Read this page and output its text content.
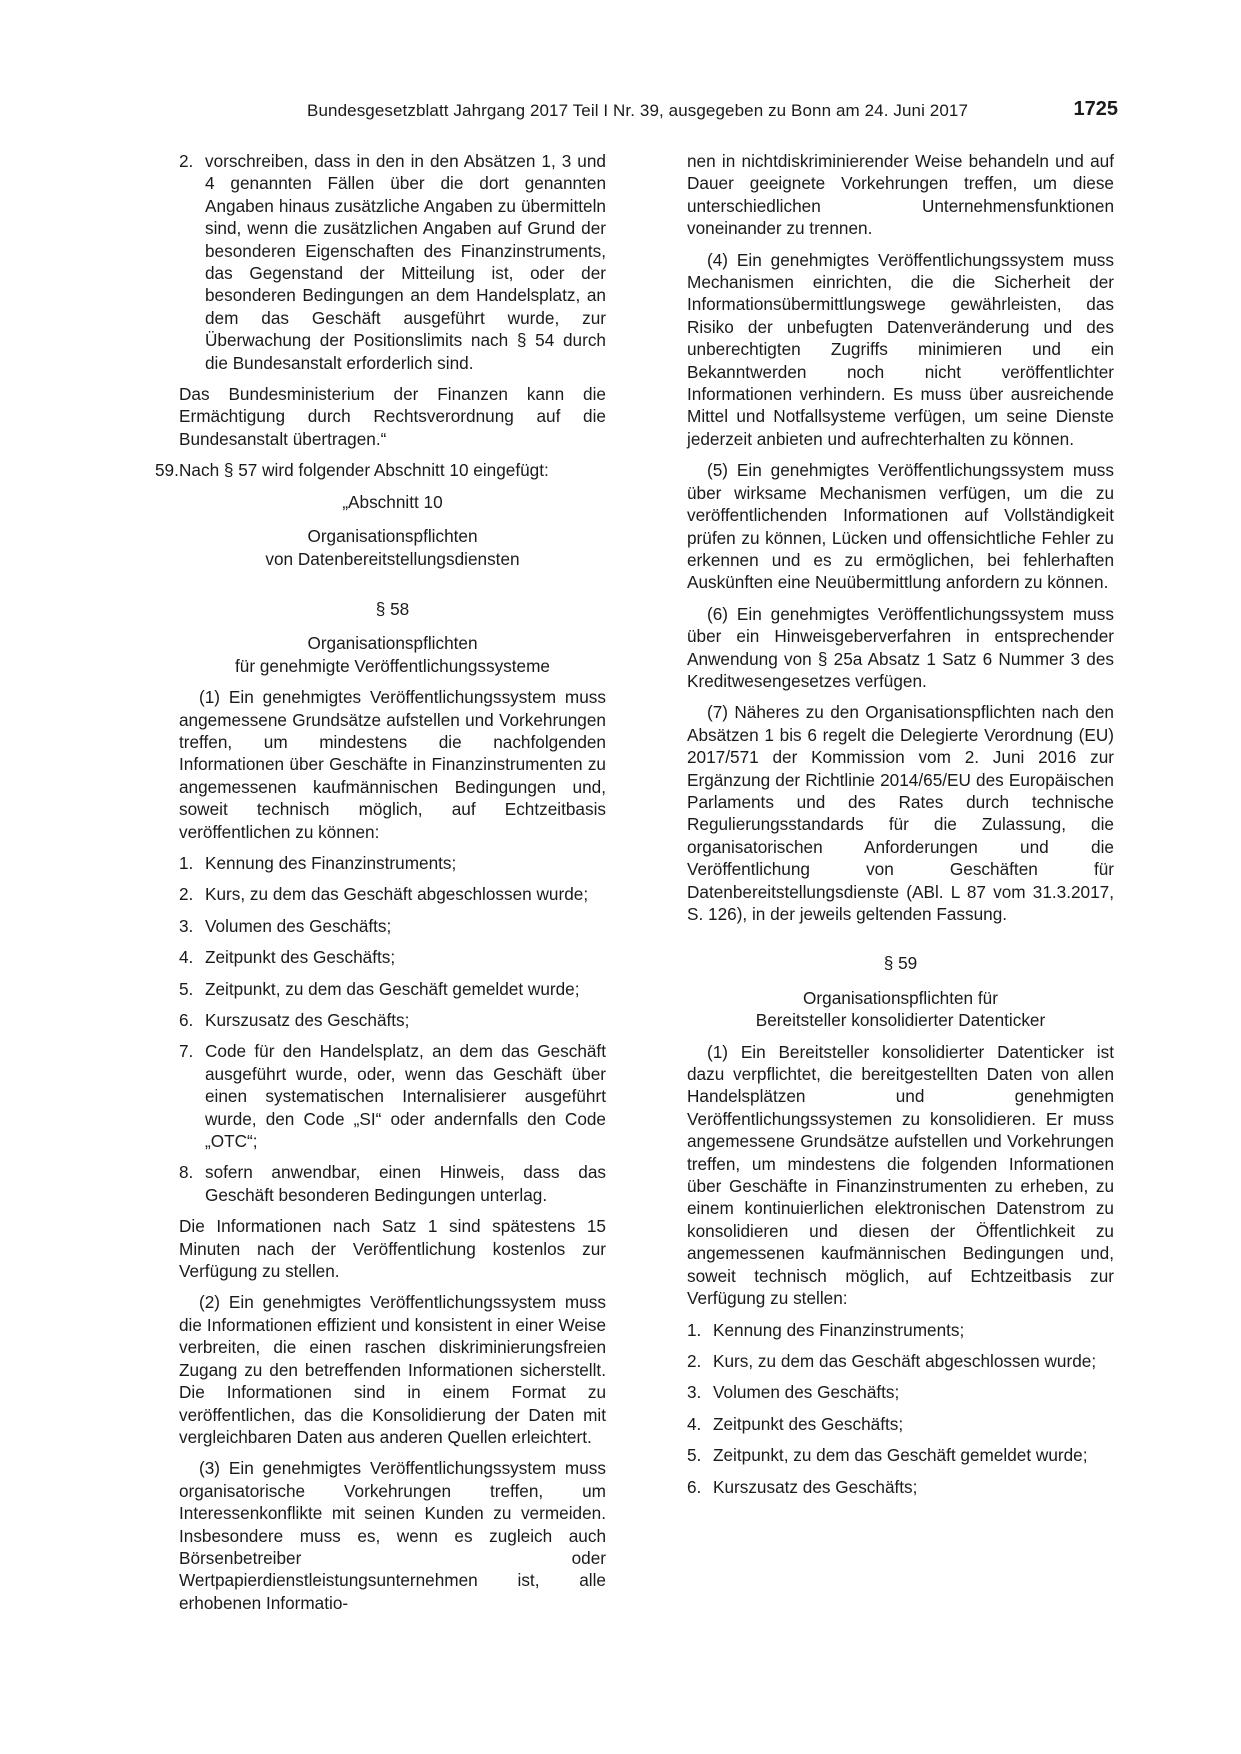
Bundesgesetzblatt Jahrgang 2017 Teil I Nr. 39, ausgegeben zu Bonn am 24. Juni 2017	1725
2. vorschreiben, dass in den in den Absätzen 1, 3 und 4 genannten Fällen über die dort genannten Angaben hinaus zusätzliche Angaben zu übermitteln sind, wenn die zusätzlichen Angaben auf Grund der besonderen Eigenschaften des Finanzinstruments, das Gegenstand der Mitteilung ist, oder der besonderen Bedingungen an dem Handelsplatz, an dem das Geschäft ausgeführt wurde, zur Überwachung der Positionslimits nach § 54 durch die Bundesanstalt erforderlich sind.

Das Bundesministerium der Finanzen kann die Ermächtigung durch Rechtsverordnung auf die Bundesanstalt übertragen.“

59. Nach § 57 wird folgender Abschnitt 10 eingefügt:
„Abschnitt 10
Organisationspflichten
von Datenbereitstellungsdiensten
§ 58
Organisationspflichten
für genehmigte Veröffentlichungssysteme

(1) Ein genehmigtes Veröffentlichungssystem muss angemessene Grundsätze aufstellen und Vorkehrungen treffen, um mindestens die nachfolgenden Informationen über Geschäfte in Finanzinstrumenten zu angemessenen kaufmännischen Bedingungen und, soweit technisch möglich, auf Echtzeitbasis veröffentlichen zu können:

1. Kennung des Finanzinstruments;
2. Kurs, zu dem das Geschäft abgeschlossen wurde;
3. Volumen des Geschäfts;
4. Zeitpunkt des Geschäfts;
5. Zeitpunkt, zu dem das Geschäft gemeldet wurde;
6. Kurszusatz des Geschäfts;
7. Code für den Handelsplatz, an dem das Geschäft ausgeführt wurde, oder, wenn das Geschäft über einen systematischen Internalisierer ausgeführt wurde, den Code „SI“ oder andernfalls den Code „OTC“;
8. sofern anwendbar, einen Hinweis, dass das Geschäft besonderen Bedingungen unterlag.

Die Informationen nach Satz 1 sind spätestens 15 Minuten nach der Veröffentlichung kostenlos zur Verfügung zu stellen.

(2) Ein genehmigtes Veröffentlichungssystem muss die Informationen effizient und konsistent in einer Weise verbreiten, die einen raschen diskriminierungsfreien Zugang zu den betreffenden Informationen sicherstellt. Die Informationen sind in einem Format zu veröffentlichen, das die Konsolidierung der Daten mit vergleichbaren Daten aus anderen Quellen erleichtert.

(3) Ein genehmigtes Veröffentlichungssystem muss organisatorische Vorkehrungen treffen, um Interessenkonflikte mit seinen Kunden zu vermeiden. Insbesondere muss es, wenn es zugleich auch Börsenbetreiber oder Wertpapierdienstleistungsunternehmen ist, alle erhobenen Informatio-

nen in nichtdiskriminierender Weise behandeln und auf Dauer geeignete Vorkehrungen treffen, um diese unterschiedlichen Unternehmensfunktionen voneinander zu trennen.

(4) Ein genehmigtes Veröffentlichungssystem muss Mechanismen einrichten, die die Sicherheit der Informationsübermittlungswege gewährleisten, das Risiko der unbefugten Datenveränderung und des unberechtigten Zugriffs minimieren und ein Bekanntwerden noch nicht veröffentlichter Informationen verhindern. Es muss über ausreichende Mittel und Notfallsysteme verfügen, um seine Dienste jederzeit anbieten und aufrechterhalten zu können.

(5) Ein genehmigtes Veröffentlichungssystem muss über wirksame Mechanismen verfügen, um die zu veröffentlichenden Informationen auf Vollständigkeit prüfen zu können, Lücken und offensichtliche Fehler zu erkennen und es zu ermöglichen, bei fehlerhaften Auskünften eine Neuübermittlung anfordern zu können.

(6) Ein genehmigtes Veröffentlichungssystem muss über ein Hinweisgeberverfahren in entsprechender Anwendung von § 25a Absatz 1 Satz 6 Nummer 3 des Kreditwesengesetzes verfügen.

(7) Näheres zu den Organisationspflichten nach den Absätzen 1 bis 6 regelt die Delegierte Verordnung (EU) 2017/571 der Kommission vom 2. Juni 2016 zur Ergänzung der Richtlinie 2014/65/EU des Europäischen Parlaments und des Rates durch technische Regulierungsstandards für die Zulassung, die organisatorischen Anforderungen und die Veröffentlichung von Geschäften für Datenbereitstellungsdienste (ABl. L 87 vom 31.3.2017, S. 126), in der jeweils geltenden Fassung.

§ 59
Organisationspflichten für
Bereitsteller konsolidierter Datenticker

(1) Ein Bereitsteller konsolidierter Datenticker ist dazu verpflichtet, die bereitgestellten Daten von allen Handelsplätzen und genehmigten Veröffentlichungssystemen zu konsolidieren. Er muss angemessene Grundsätze aufstellen und Vorkehrungen treffen, um mindestens die folgenden Informationen über Geschäfte in Finanzinstrumenten zu erheben, zu einem kontinuierlichen elektronischen Datenstrom zu konsolidieren und diesen der Öffentlichkeit zu angemessenen kaufmännischen Bedingungen und, soweit technisch möglich, auf Echtzeitbasis zur Verfügung zu stellen:

1. Kennung des Finanzinstruments;
2. Kurs, zu dem das Geschäft abgeschlossen wurde;
3. Volumen des Geschäfts;
4. Zeitpunkt des Geschäfts;
5. Zeitpunkt, zu dem das Geschäft gemeldet wurde;
6. Kurszusatz des Geschäfts;
